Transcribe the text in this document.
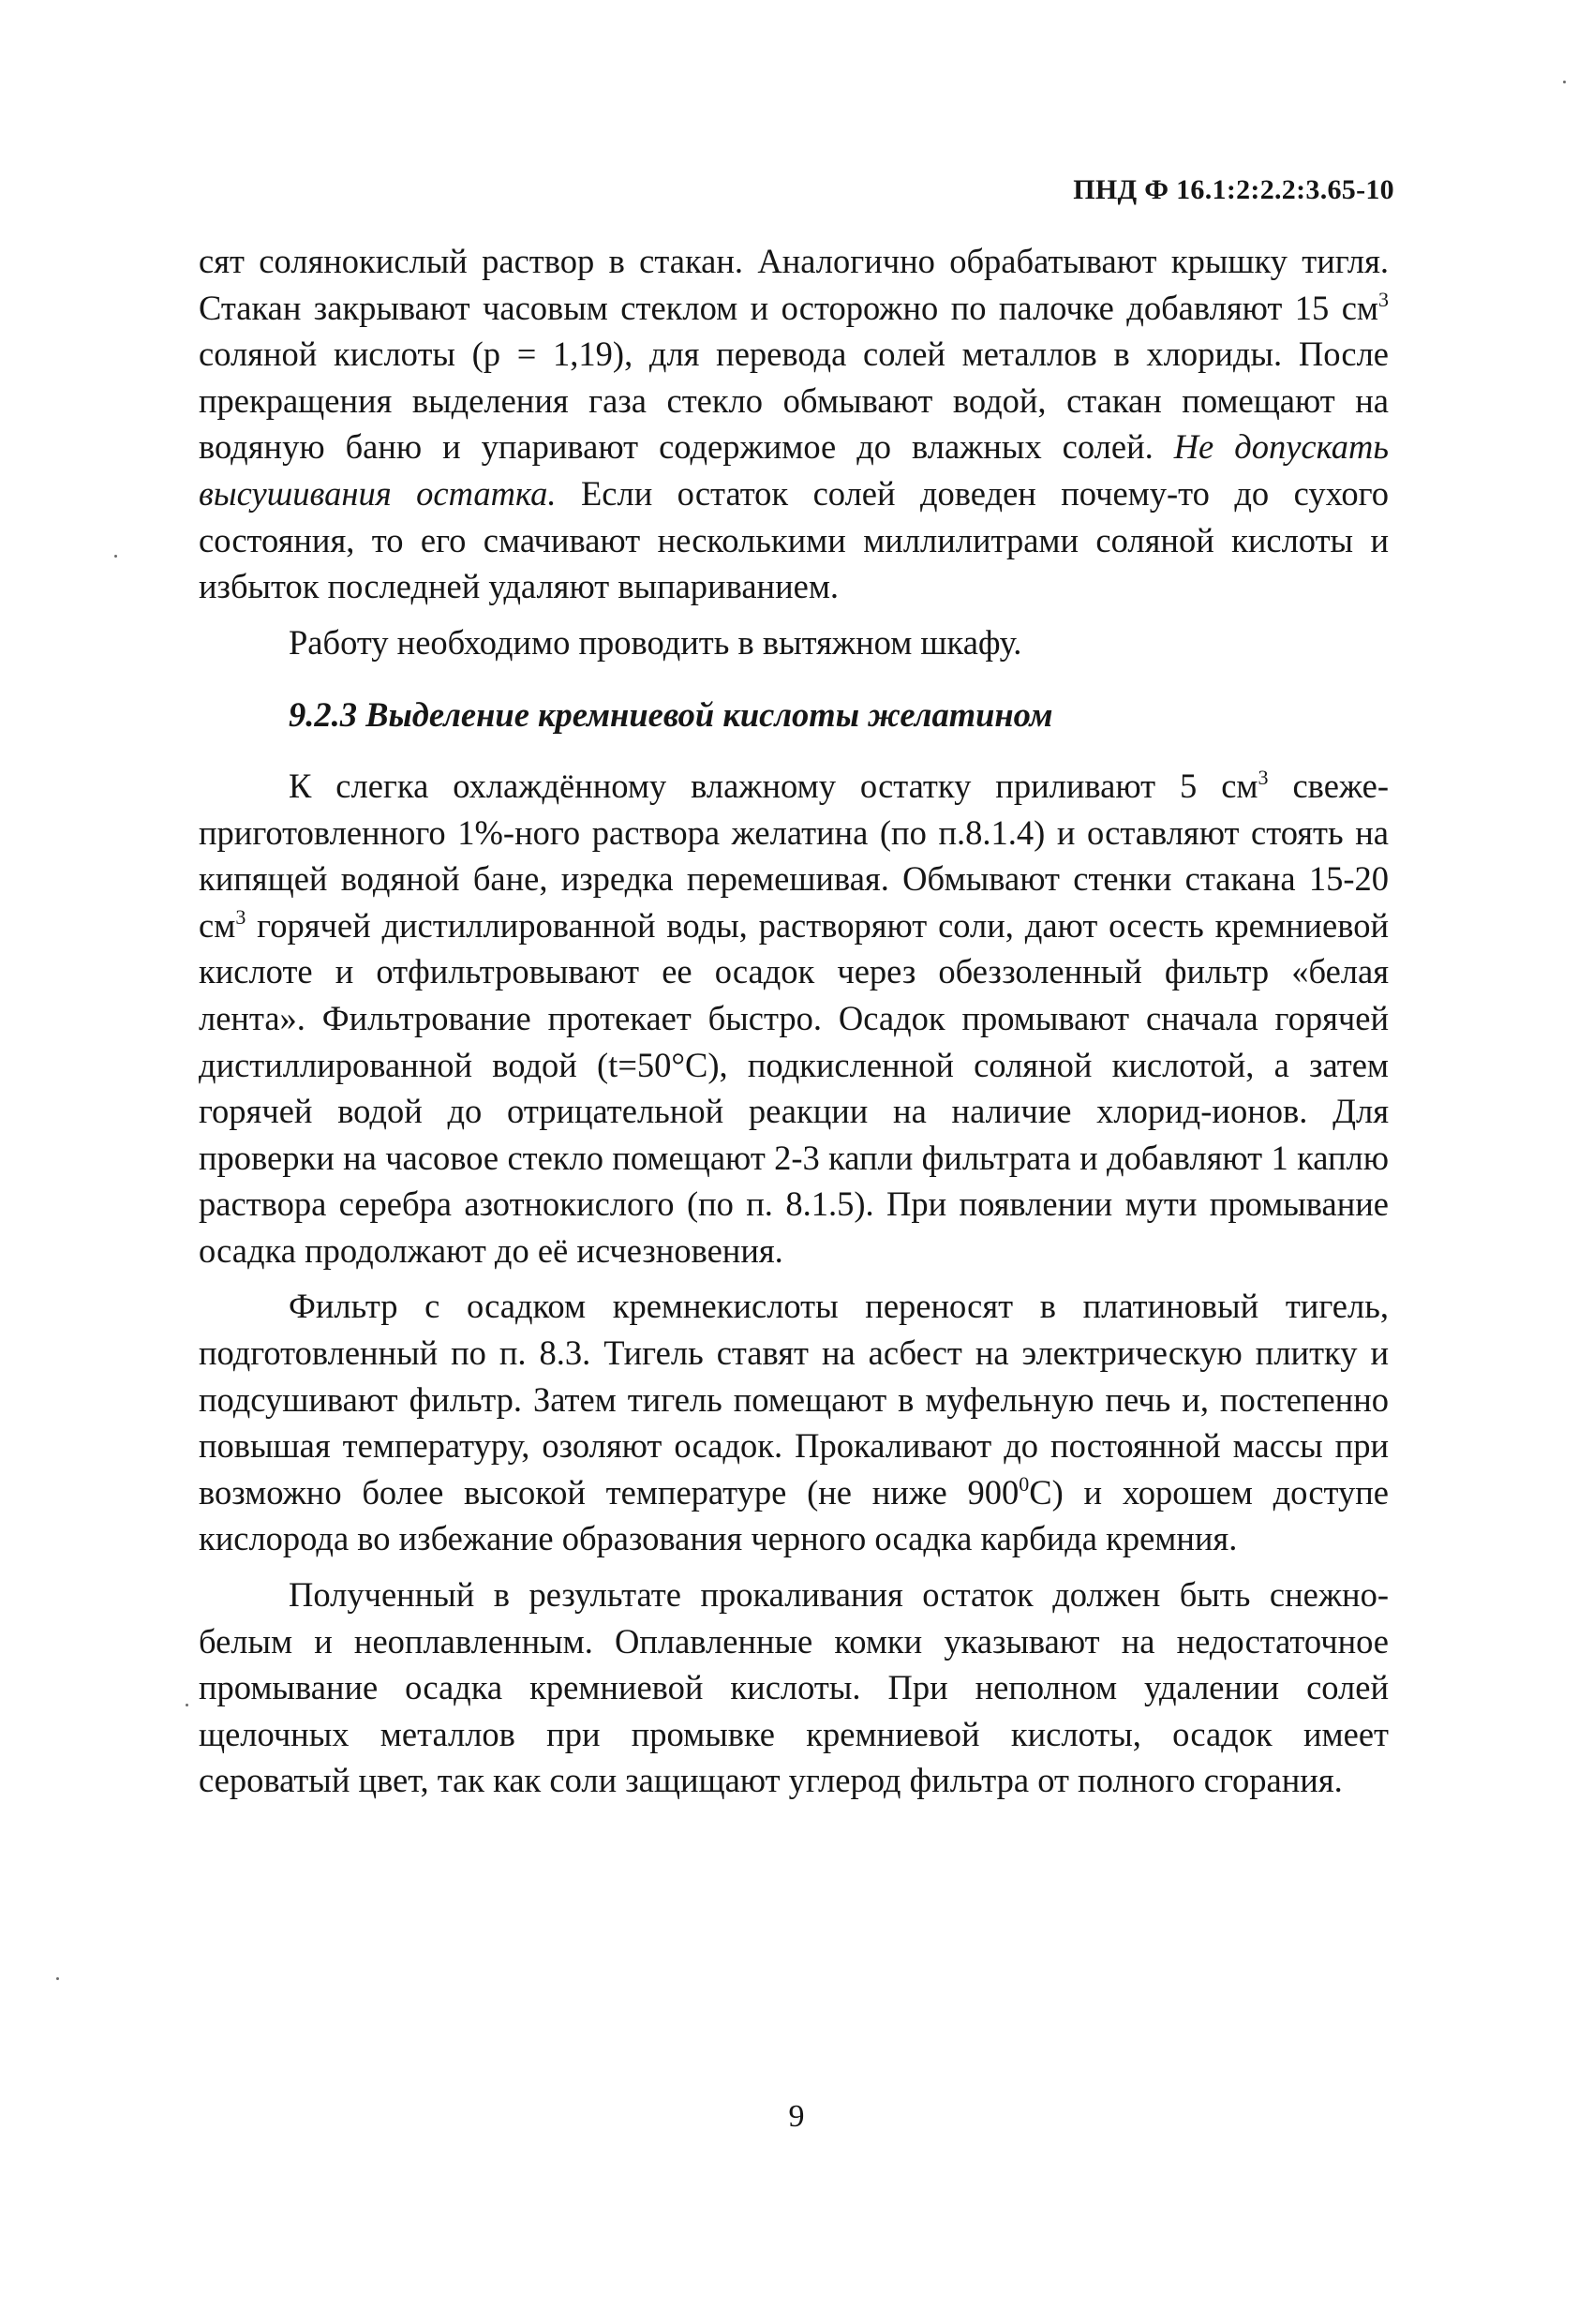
ПНД Ф 16.1:2:2.2:3.65-10

сят солянокислый раствор в стакан. Аналогично обрабатывают крышку тигля. Стакан закрывают часовым стеклом и осторожно по палочке добавляют 15 $см^3$ соляной кислоты (р = 1,19), для перевода солей металлов в хлориды. После прекращения выделения газа стекло обмывают водой, стакан помещают на водяную баню и упаривают содержимое до влажных солей. Не допускать высушивания остатка. Если остаток солей доведен почему-то до сухого состояния, то его смачивают несколькими миллилитрами соляной кислоты и избыток последней удаляют выпариванием.

Работу необходимо проводить в вытяжном шкафу.

9.2.3 Выделение кремниевой кислоты желатином

К слегка охлаждённому влажному остатку приливают 5 $см^3$ свежеприготовленного 1%-ного раствора желатина (по п.8.1.4) и оставляют стоять на кипящей водяной бане, изредка перемешивая. Обмывают стенки стакана 15-20 $см^3$ горячей дистиллированной воды, растворяют соли, дают осесть кремниевой кислоте и отфильтровывают ее осадок через обеззоленный фильтр «белая лента». Фильтрование протекает быстро. Осадок промывают сначала горячей дистиллированной водой (t=50°C), подкисленной соляной кислотой, а затем горячей водой до отрицательной реакции на наличие хлорид-ионов. Для проверки на часовое стекло помещают 2-3 капли фильтрата и добавляют 1 каплю раствора серебра азотнокислого (по п. 8.1.5). При появлении мути промывание осадка продолжают до её исчезновения.

Фильтр с осадком кремнекислоты переносят в платиновый тигель, подготовленный по п. 8.3. Тигель ставят на асбест на электрическую плитку и подсушивают фильтр. Затем тигель помещают в муфельную печь и, постепенно повышая температуру, озоляют осадок. Прокаливают до постоянной массы при возможно более высокой температуре (не ниже $900^0С$) и хорошем доступе кислорода во избежание образования черного осадка карбида кремния.

Полученный в результате прокаливания остаток должен быть снежно-белым и неоплавленным. Оплавленные комки указывают на недостаточное промывание осадка кремниевой кислоты. При неполном удалении солей щелочных металлов при промывке кремниевой кислоты, осадок имеет сероватый цвет, так как соли защищают углерод фильтра от полного сгорания.

9
